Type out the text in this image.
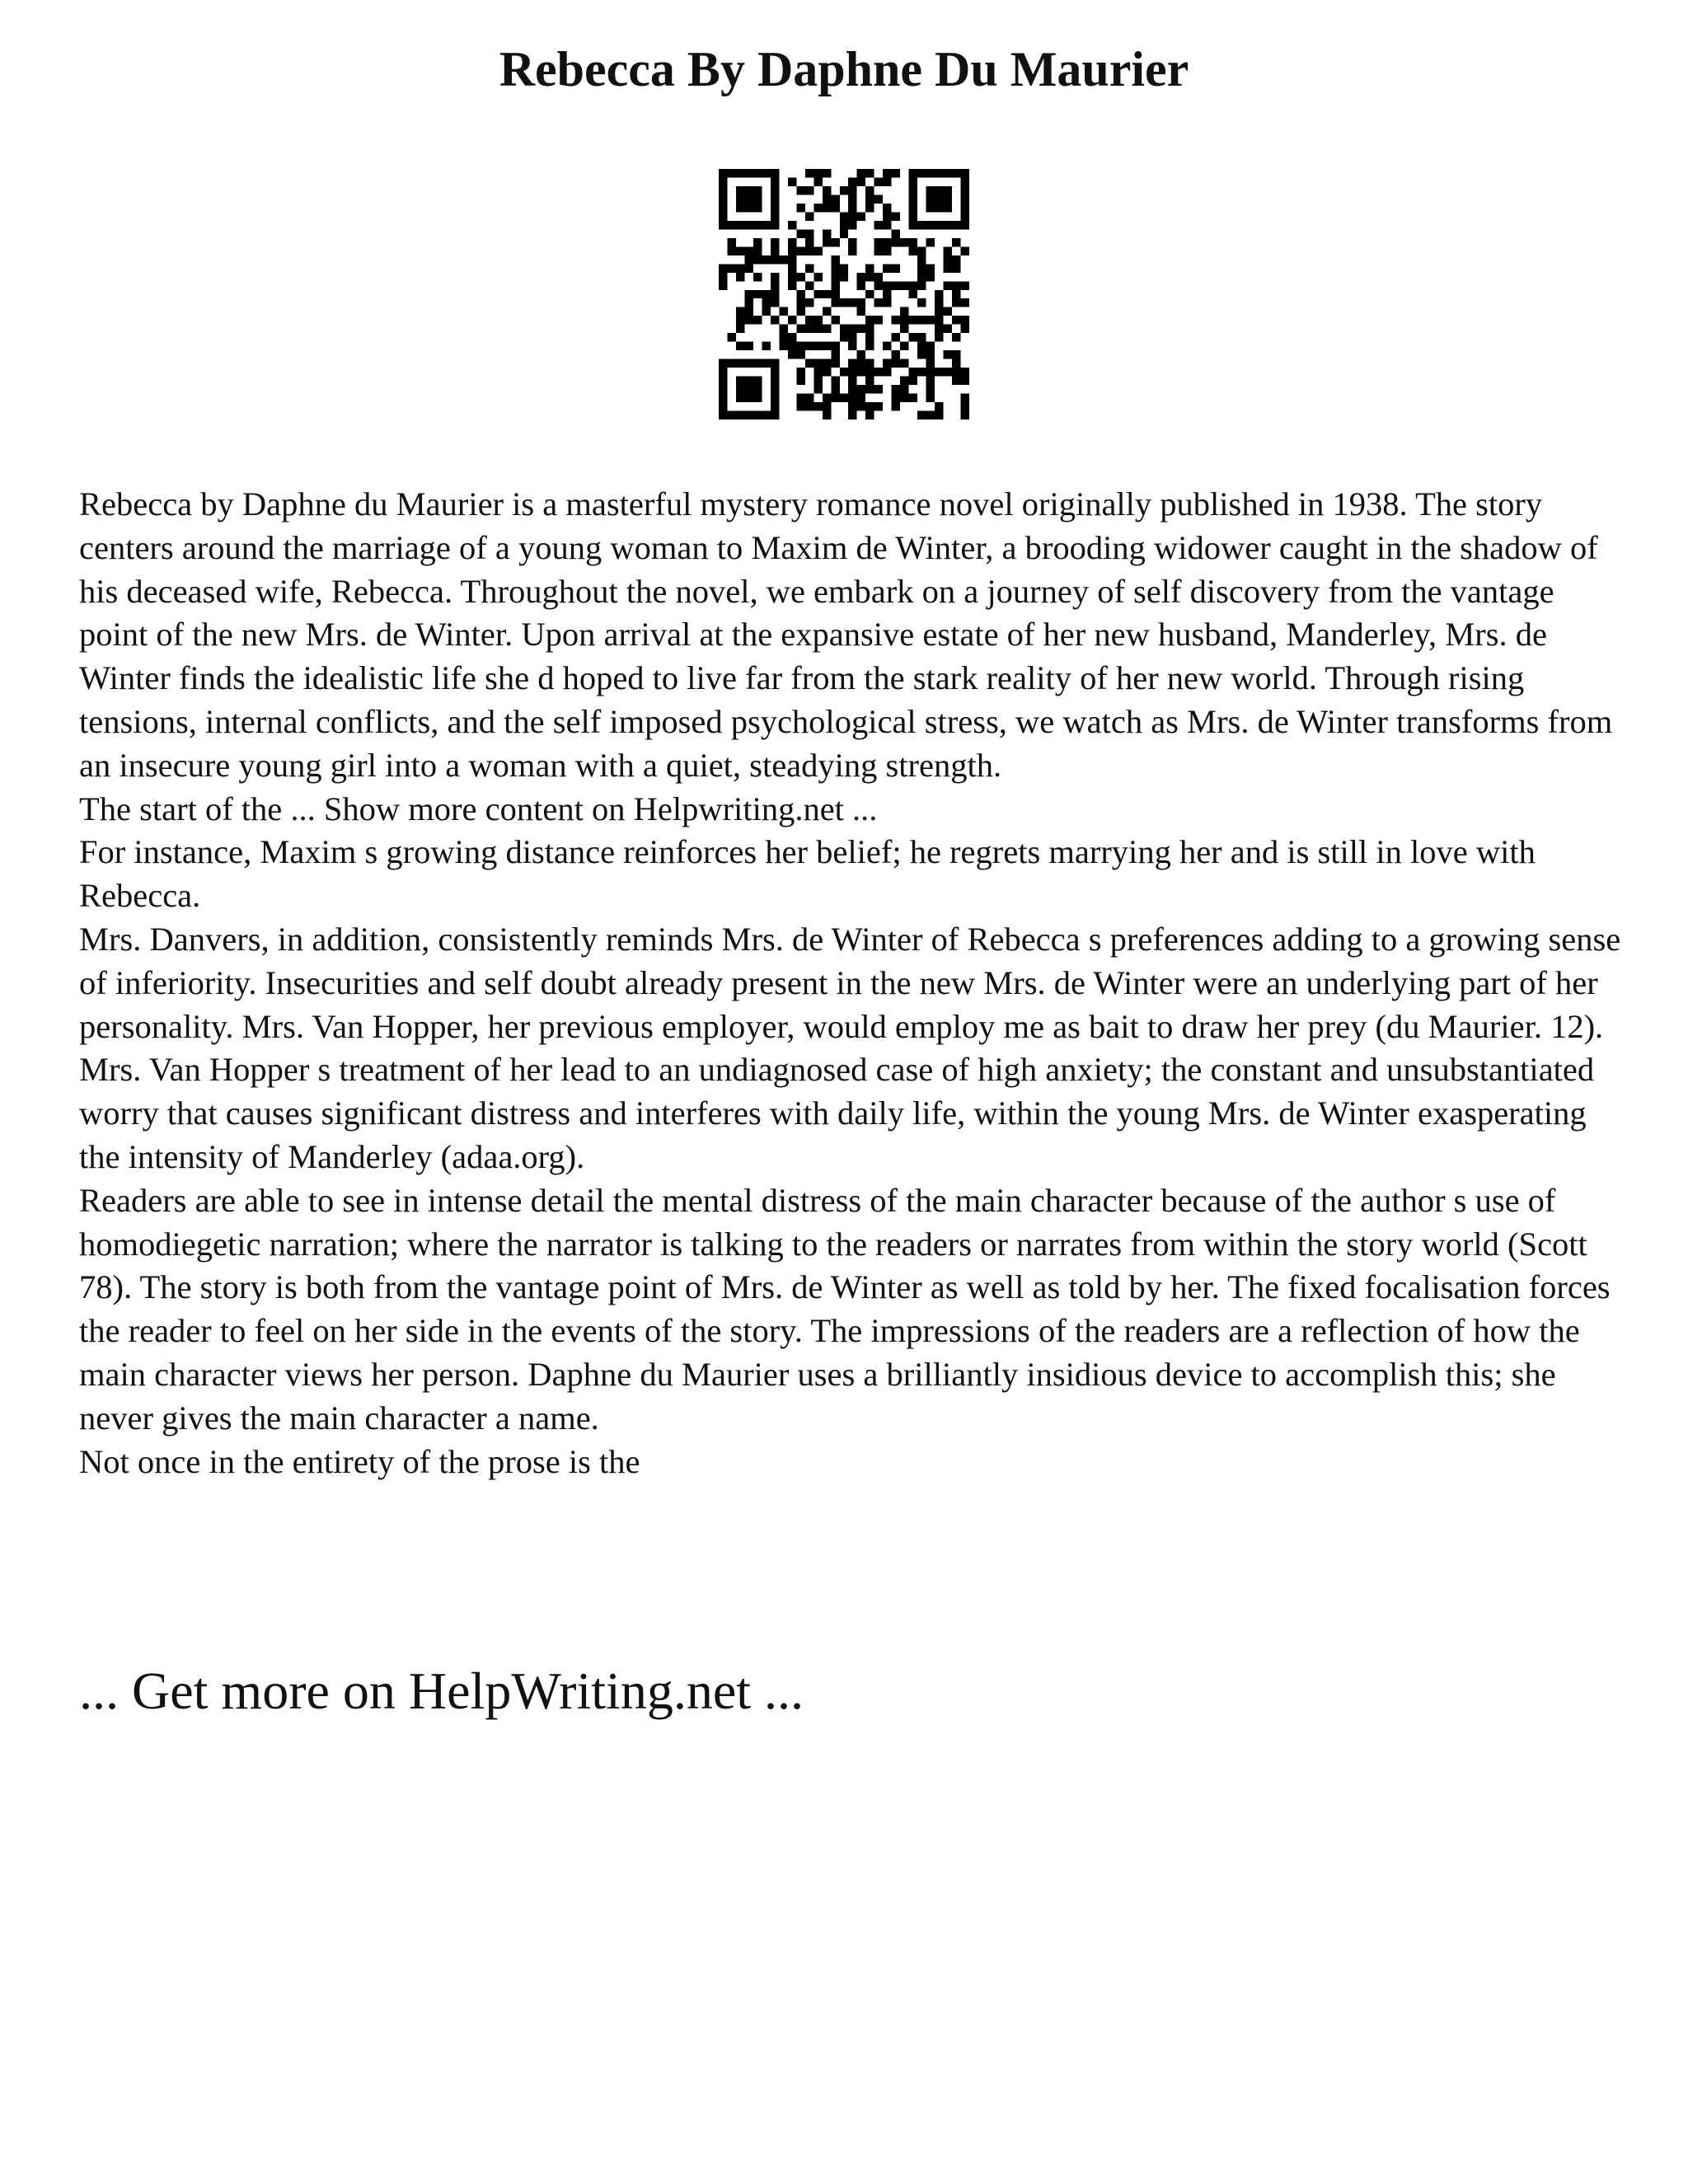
Rebecca By Daphne Du Maurier

Rebecca by Daphne du Maurier is a masterful mystery romance novel originally published in 1938. The story centers around the marriage of a young woman to Maxim de Winter, a brooding widower caught in the shadow of his deceased wife, Rebecca. Throughout the novel, we embark on a journey of self discovery from the vantage point of the new Mrs. de Winter. Upon arrival at the expansive estate of her new husband, Manderley, Mrs. de Winter finds the idealistic life she d hoped to live far from the stark reality of her new world. Through rising tensions, internal conflicts, and the self imposed psychological stress, we watch as Mrs. de Winter transforms from an insecure young girl into a woman with a quiet, steadying strength.

The start of the ... Show more content on Helpwriting.net ...

For instance, Maxim s growing distance reinforces her belief; he regrets marrying her and is still in love with Rebecca.

Mrs. Danvers, in addition, consistently reminds Mrs. de Winter of Rebecca s preferences adding to a growing sense of inferiority. Insecurities and self doubt already present in the new Mrs. de Winter were an underlying part of her personality. Mrs. Van Hopper, her previous employer, would employ me as bait to draw her prey (du Maurier. 12). Mrs. Van Hopper s treatment of her lead to an undiagnosed case of high anxiety; the constant and unsubstantiated worry that causes significant distress and interferes with daily life, within the young Mrs. de Winter exasperating the intensity of Manderley (adaa.org).

Readers are able to see in intense detail the mental distress of the main character because of the author s use of homodiegetic narration; where the narrator is talking to the readers or narrates from within the story world (Scott 78). The story is both from the vantage point of Mrs. de Winter as well as told by her. The fixed focalisation forces the reader to feel on her side in the events of the story. The impressions of the readers are a reflection of how the main character views her person. Daphne du Maurier uses a brilliantly insidious device to accomplish this; she never gives the main character a name.

Not once in the entirety of the prose is the

... Get more on HelpWriting.net ...
